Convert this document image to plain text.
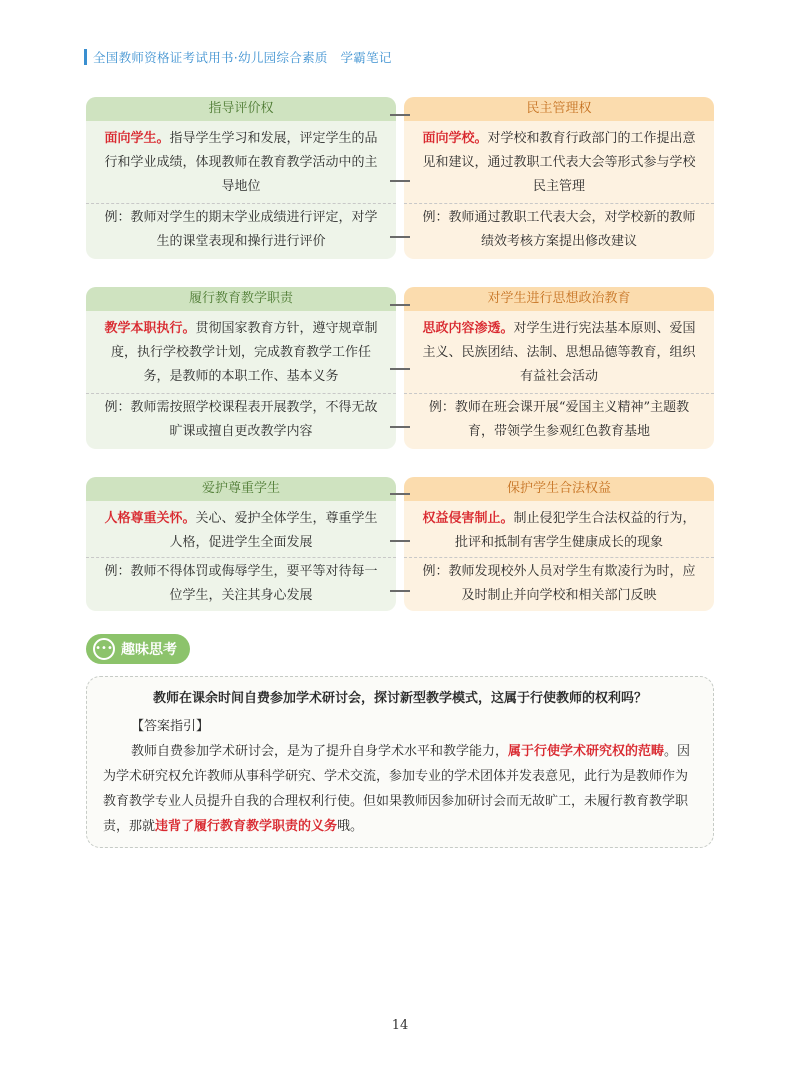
全国教师资格证考试用书·幼儿园综合素质　学霸笔记
指导评价权
面向学生。指导学生学习和发展，评定学生的品行和学业成绩，体现教师在教育教学活动中的主导地位
例：教师对学生的期末学业成绩进行评定，对学生的课堂表现和操行进行评价
民主管理权
面向学校。对学校和教育行政部门的工作提出意见和建议，通过教职工代表大会等形式参与学校民主管理
例：教师通过教职工代表大会，对学校新的教师绩效考核方案提出修改建议
履行教育教学职责
教学本职执行。贯彻国家教育方针，遵守规章制度，执行学校教学计划，完成教育教学工作任务，是教师的本职工作、基本义务
例：教师需按照学校课程表开展教学，不得无故旷课或擅自更改教学内容
对学生进行思想政治教育
思政内容渗透。对学生进行宪法基本原则、爱国主义、民族团结、法制、思想品德等教育，组织有益社会活动
例：教师在班会课开展“爱国主义精神”主题教育，带领学生参观红色教育基地
爱护尊重学生
人格尊重关怀。关心、爱护全体学生，尊重学生人格，促进学生全面发展
例：教师不得体罚或侮辱学生，要平等对待每一位学生，关注其身心发展
保护学生合法权益
权益侵害制止。制止侵犯学生合法权益的行为，批评和抵制有害学生健康成长的现象
例：教师发现校外人员对学生有欺凌行为时，应及时制止并向学校和相关部门反映
••• 趣味思考
教师在课余时间自费参加学术研讨会，探讨新型教学模式，这属于行使教师的权利吗？
【答案指引】
教师自费参加学术研讨会，是为了提升自身学术水平和教学能力，属于行使学术研究权的范畴。因为学术研究权允许教师从事科学研究、学术交流，参加专业的学术团体并发表意见，此行为是教师作为教育教学专业人员提升自我的合理权利行使。但如果教师因参加研讨会而无故旷工，未履行教育教学职责，那就违背了履行教育教学职责的义务哦。
14
